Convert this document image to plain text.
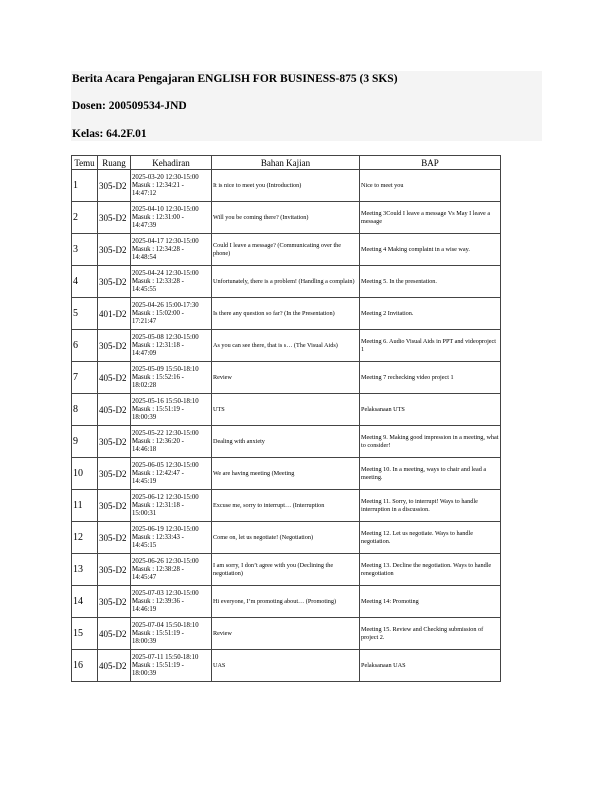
Berita Acara Pengajaran ENGLISH FOR BUSINESS-875 (3 SKS)
Dosen: 200509534-JND
Kelas: 64.2F.01
Temu	Ruang	Kehadiran	Bahan Kajian	BAP
1	305-D2	2025-03-20 12:30-15:00
Masuk : 12:34:21 -
14:47:12	It is nice to meet you (Introduction)	Nice to meet you
2	305-D2	2025-04-10 12:30-15:00
Masuk : 12:31:00 -
14:47:39	Will you be coming there? (Invitation)	Meeting 3Could I leave a message Vs May I leave a message
3	305-D2	2025-04-17 12:30-15:00
Masuk : 12:34:28 -
14:48:54	Could I leave a message? (Communicating over the phone)	Meeting 4 Making complaint in a wise way.
4	305-D2	2025-04-24 12:30-15:00
Masuk : 12:33:28 -
14:45:55	Unfortunately, there is a problem! (Handling a complain)	Meeting 5. In the presentation.
5	401-D2	2025-04-26 15:00-17:30
Masuk : 15:02:00 -
17:21:47	Is there any question so far? (In the Presentation)	Meeting 2 Invitation.
6	305-D2	2025-05-08 12:30-15:00
Masuk : 12:31:18 -
14:47:09	As you can see there, that is s… (The Visual Aids)	Meeting 6. Audio Visual Aids in PPT and videoproject 1
7	405-D2	2025-05-09 15:50-18:10
Masuk : 15:52:16 -
18:02:28	Review	Meeting 7 rechecking video project 1
8	405-D2	2025-05-16 15:50-18:10
Masuk : 15:51:19 -
18:00:39	UTS	Pelaksanaan UTS
9	305-D2	2025-05-22 12:30-15:00
Masuk : 12:36:20 -
14:46:18	Dealing with anxiety	Meeting 9. Making good impression in a meeting, what to consider!
10	305-D2	2025-06-05 12:30-15:00
Masuk : 12:42:47 -
14:45:19	We are having meeting (Meeting	Meeting 10. In a meeting, ways to chair and lead a meeting.
11	305-D2	2025-06-12 12:30-15:00
Masuk : 12:31:18 -
15:00:31	Excuse me, sorry to interrupt… (Interruption	Meeting 11. Sorry, to interrupt! Ways to handle interruption in a discussion.
12	305-D2	2025-06-19 12:30-15:00
Masuk : 12:33:43 -
14:45:15	Come on, let us negotiate! (Negotiation)	Meeting 12. Let us negotiate. Ways to handle negotiation.
13	305-D2	2025-06-26 12:30-15:00
Masuk : 12:38:28 -
14:45:47	I am sorry, I don’t agree with you (Declining the negotiation)	Meeting 13. Decline the negotiation. Ways to handle renegotiation
14	305-D2	2025-07-03 12:30-15:00
Masuk : 12:39:36 -
14:46:19	Hi everyone, I’m promoting about… (Promoting)	Meeting 14: Promoting
15	405-D2	2025-07-04 15:50-18:10
Masuk : 15:51:19 -
18:00:39	Review	Meeting 15. Review and Checking submission of project 2.
16	405-D2	2025-07-11 15:50-18:10
Masuk : 15:51:19 -
18:00:39	UAS	Pelaksanaan UAS
